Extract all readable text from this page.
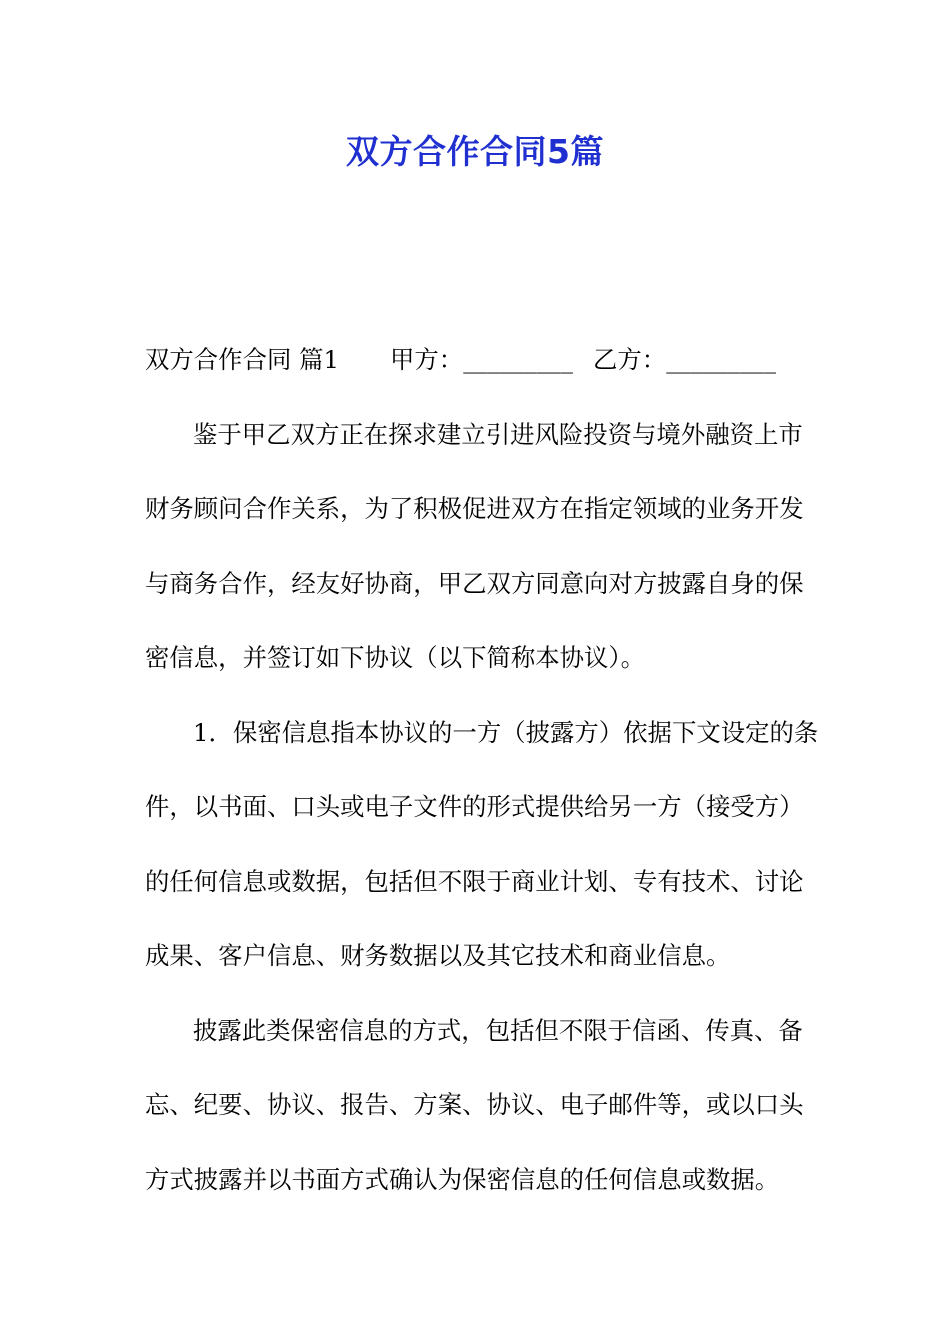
双方合作合同5篇
双方合作合同 篇1 甲方：_________ 乙方：_________
鉴于甲乙双方正在探求建立引进风险投资与境外融资上市
财务顾问合作关系，为了积极促进双方在指定领域的业务开发
与商务合作，经友好协商，甲乙双方同意向对方披露自身的保
密信息，并签订如下协议（以下简称本协议）。
1．保密信息指本协议的一方（披露方）依据下文设定的条
件，以书面、口头或电子文件的形式提供给另一方（接受方）
的任何信息或数据，包括但不限于商业计划、专有技术、讨论
成果、客户信息、财务数据以及其它技术和商业信息。
披露此类保密信息的方式，包括但不限于信函、传真、备
忘、纪要、协议、报告、方案、协议、电子邮件等，或以口头
方式披露并以书面方式确认为保密信息的任何信息或数据。
